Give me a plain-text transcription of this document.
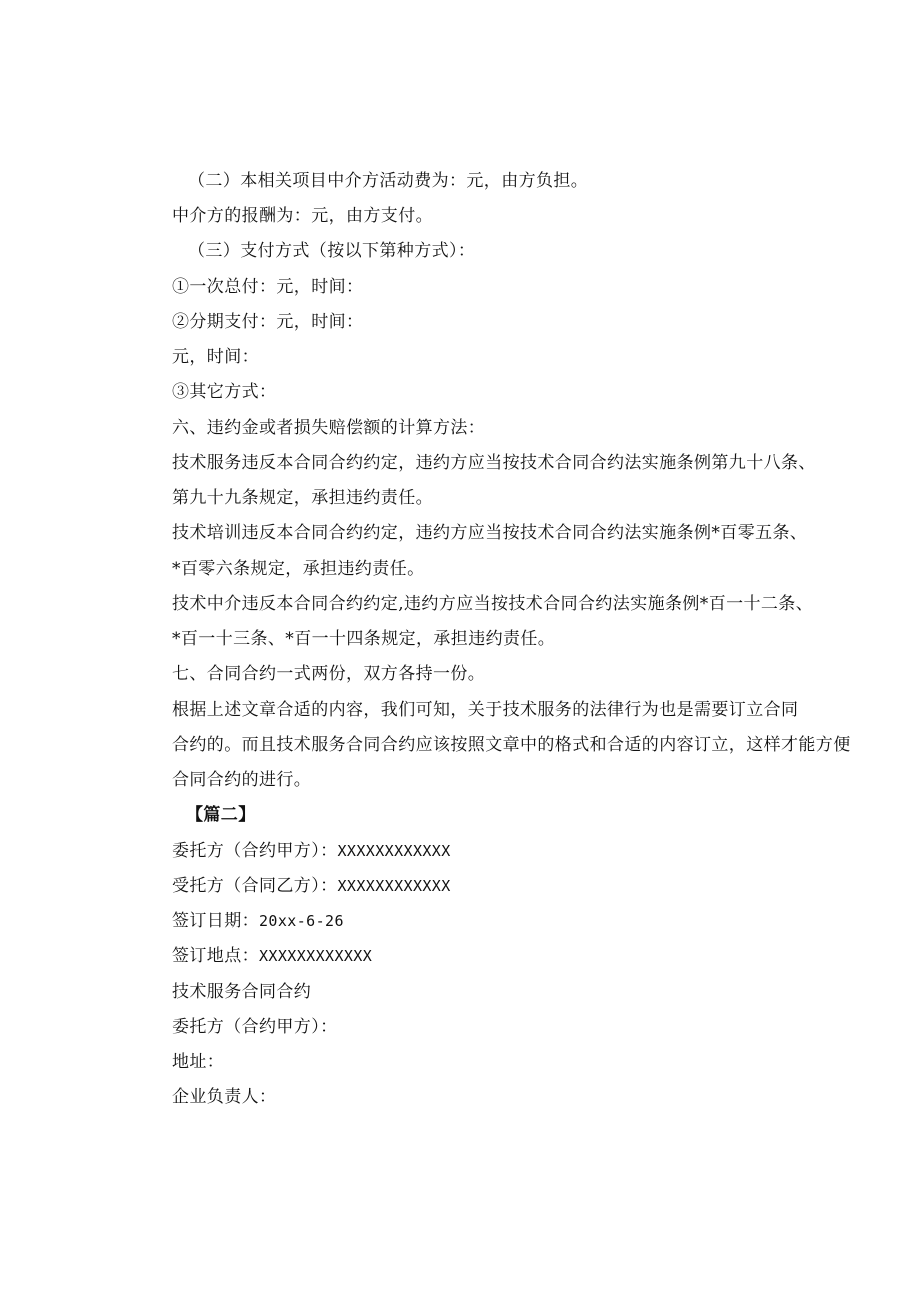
（二）本相关项目中介方活动费为：元，由方负担。
中介方的报酬为：元，由方支付。
（三）支付方式（按以下第种方式）：
①一次总付：元，时间：
②分期支付：元，时间：
元，时间：
③其它方式：
六、违约金或者损失赔偿额的计算方法：
技术服务违反本合同合约约定，违约方应当按技术合同合约法实施条例第九十八条、
第九十九条规定，承担违约责任。
技术培训违反本合同合约约定，违约方应当按技术合同合约法实施条例*百零五条、
*百零六条规定，承担违约责任。
技术中介违反本合同合约约定,违约方应当按技术合同合约法实施条例*百一十二条、
*百一十三条、*百一十四条规定，承担违约责任。
七、合同合约一式两份，双方各持一份。
根据上述文章合适的内容，我们可知，关于技术服务的法律行为也是需要订立合同
合约的。而且技术服务合同合约应该按照文章中的格式和合适的内容订立，这样才能方便
合同合约的进行。
【篇二】
委托方（合约甲方）：XXXXXXXXXXXX
受托方（合同乙方）：XXXXXXXXXXXX
签订日期：20xx-6-26
签订地点：XXXXXXXXXXXX
技术服务合同合约
委托方（合约甲方）：
地址：
企业负责人：
